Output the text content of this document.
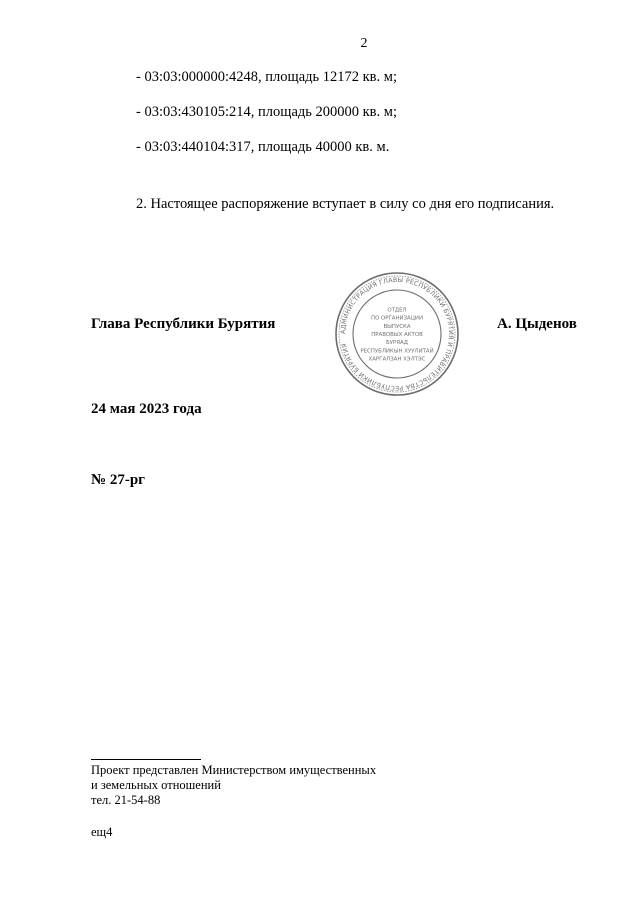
2
- 03:03:000000:4248, площадь 12172 кв. м;
- 03:03:430105:214, площадь 200000 кв. м;
- 03:03:440104:317, площадь 40000 кв. м.
2. Настоящее распоряжение вступает в силу со дня его подписания.
Глава Республики Бурятия	А. Цыденов
АДМИНИСТРАЦИЯ ГЛАВЫ РЕСПУБЛИКИ БУРЯТИЯ И ПРАВИТЕЛЬСТВА РЕСПУБЛИКИ БУРЯТИЯ
ОТДЕЛ
ПО ОРГАНИЗАЦИИ
ВЫПУСКА
ПРАВОВЫХ АКТОВ
БУРЯАД
РЕСПУБЛИКЫН ХУУЛИТАЙ
ХАРГАЛЗАН ХЭЛТЭС
24 мая 2023 года
№ 27-рг
Проект представлен Министерством имущественных
и земельных отношений
тел. 21-54-88
ещ4
